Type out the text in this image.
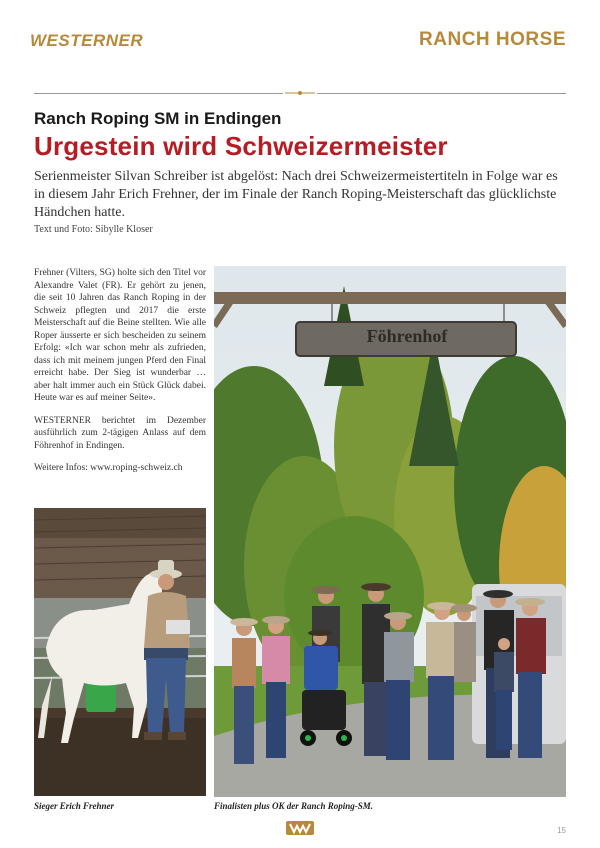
WESTERNER	RANCH HORSE
Ranch Roping SM in Endingen
Urgestein wird Schweizermeister
Serienmeister Silvan Schreiber ist abgelöst: Nach drei Schweizermeistertiteln in Folge war es in diesem Jahr Erich Frehner, der im Finale der Ranch Roping-Meisterschaft das glücklichste Händchen hatte.
Text und Foto: Sibylle Kloser

Frehner (Vilters, SG) holte sich den Titel vor Alexandre Valet (FR). Er gehört zu jenen, die seit 10 Jahren das Ranch Roping in der Schweiz pflegten und 2017 die erste Meisterschaft auf die Beine stellten. Wie alle Roper äusserte er sich bescheiden zu seinem Erfolg: «Ich war schon mehr als zufrieden, dass ich mit meinem jungen Pferd den Final erreicht habe. Der Sieg ist wunderbar … aber halt immer auch ein Stück Glück dabei. Heute war es auf meiner Seite».

WESTERNER berichtet im Dezember ausführlich zum 2-tägigen Anlass auf dem Föhrenhof in Endingen.

Weitere Infos: www.roping-schweiz.ch

Föhrenhof
Sieger Erich Frehner	Finalisten plus OK der Ranch Roping-SM.
15
